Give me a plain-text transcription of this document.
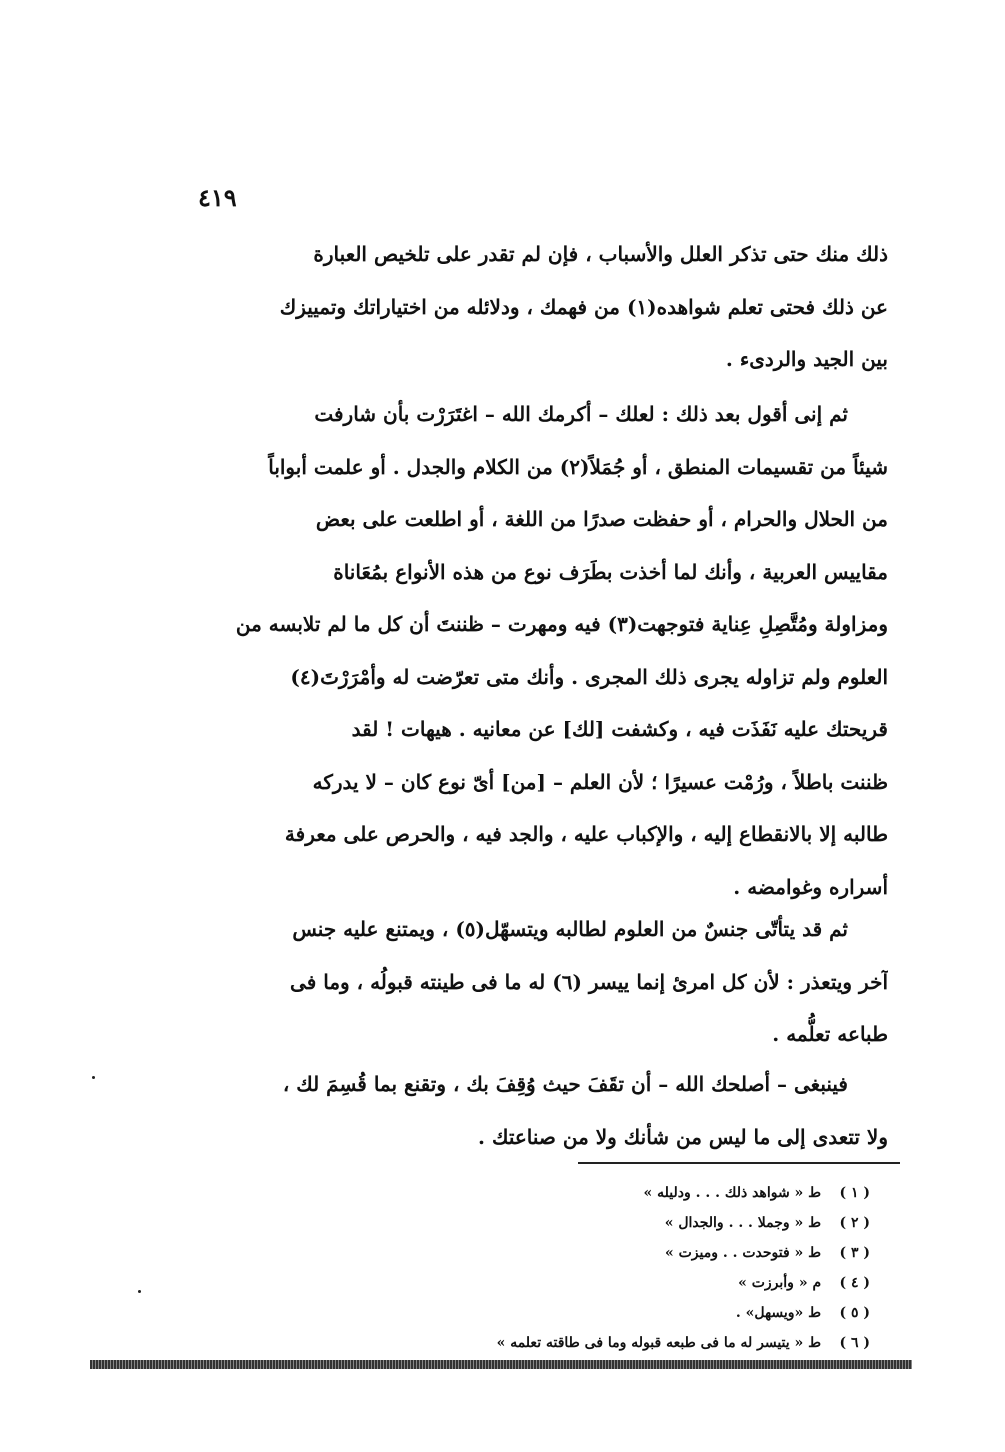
٤١٩
ذلك منك حتى تذكر العلل والأسباب ، فإن لم تقدر على تلخيص العبارة
عن ذلك فحتى تعلم شواهده(١) من فهمك ، ودلائله من اختياراتك وتمييزك
بين الجيد والردىء .
ثم إنى أقول بعد ذلك : لعلك – أكرمك الله – اغتَرَرْت بأن شارفت
شيئاً من تقسيمات المنطق ، أو جُمَلاً(٢) من الكلام والجدل . أو علمت أبواباً
من الحلال والحرام ، أو حفظت صدرًا من اللغة ، أو اطلعت على بعض
مقاييس العربية ، وأنك لما أخذت بطَرَف نوع من هذه الأنواع بمُعَاناة
ومزاولة ومُتَّصِلِ عِناية فتوجهت(٣) فيه ومهرت – ظننتَ أن كل ما لم تلابسه من
العلوم ولم تزاوله يجرى ذلك المجرى . وأنك متى تعرّضت له وأمْرَرْتَ(٤)
قريحتك عليه نَفَذَت فيه ، وكشفت [لك] عن معانيه . هيهات ! لقد
ظننت باطلاً ، ورُمْت عسيرًا ؛ لأن العلم – [من] أىّ نوع كان – لا يدركه
طالبه إلا بالانقطاع إليه ، والإكباب عليه ، والجد فيه ، والحرص على معرفة
أسراره وغوامضه .
ثم قد يتأتّى جنسٌ من العلوم لطالبه ويتسهّل(٥) ، ويمتنع عليه جنس
آخر ويتعذر : لأن كل امرئ إنما ييسر (٦) له ما فى طينته قبولُه ، وما فى
طباعه تعلُّمه .
فينبغى – أصلحك الله – أن تقَفَ حيث وُقِفَ بك ، وتقنع بما قُسِمَ لك ،
ولا تتعدى إلى ما ليس من شأنك ولا من صناعتك .
( ١ ) ط « شواهد ذلك . . . ودليله »
( ٢ ) ط « وجملا . . . والجدال »
( ٣ ) ط « فتوحدت . . وميزت »
( ٤ ) م « وأبرزت »
( ٥ ) ط «ويسهل» .
( ٦ ) ط « يتيسر له ما فى طبعه قبوله وما فى طاقته تعلمه »
